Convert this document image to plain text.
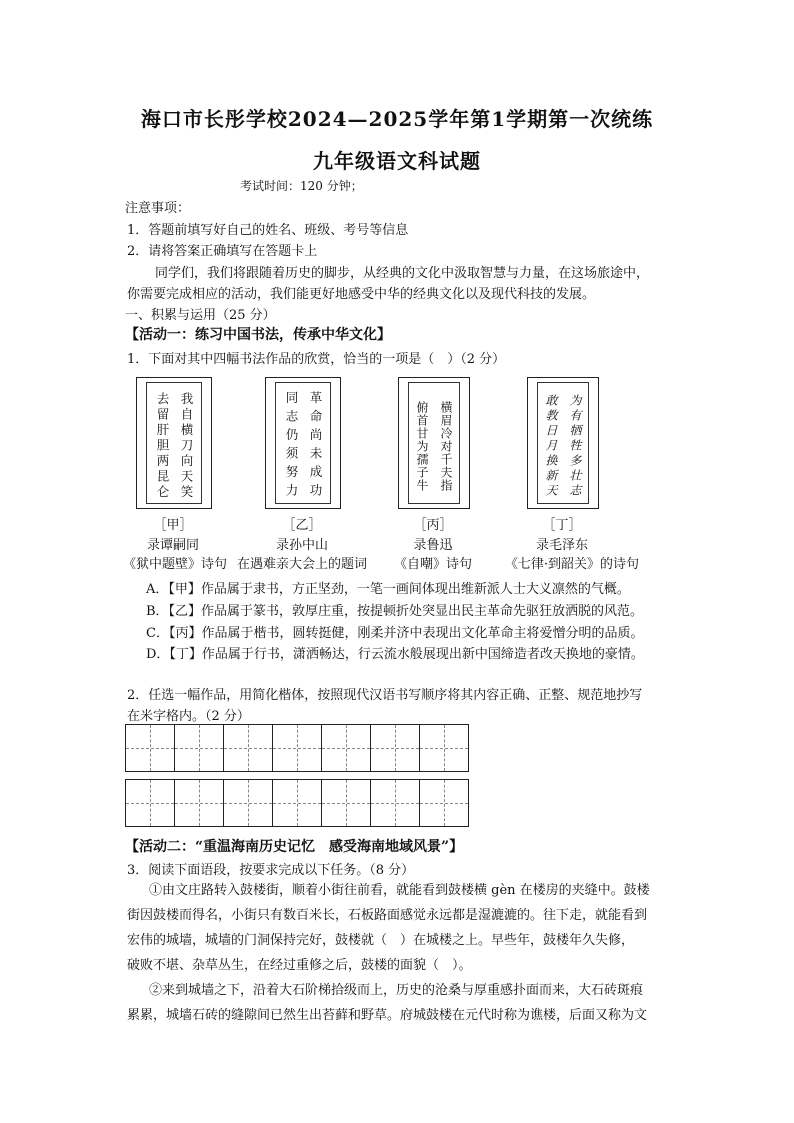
海口市长彤学校2024—2025学年第1学期第一次统练
九年级语文科试题
考试时间：120 分钟；
注意事项：
1．答题前填写好自己的姓名、班级、考号等信息
2．请将答案正确填写在答题卡上
同学们，我们将跟随着历史的脚步，从经典的文化中汲取智慧与力量，在这场旅途中，
你需要完成相应的活动，我们能更好地感受中华的经典文化以及现代科技的发展。
一、积累与运用（25 分）
【活动一：练习中国书法，传承中华文化】
1．下面对其中四幅书法作品的欣赏，恰当的一项是（　）（2 分）
我自横刀向天笑
去留肝胆两昆仑	革命尚未成功
同志仍须努力	横眉冷对千夫指
俯首甘为孺子牛	为有牺牲多壮志
敢教日月换新天
［甲］	［乙］	［丙］	［丁］
录谭嗣同	录孙中山	录鲁迅	录毛泽东
《狱中题壁》诗句 在遇难亲大会上的题词	《自嘲》诗句	《七律·到韶关》的诗句
A．【甲】作品属于隶书，方正坚劲，一笔一画间体现出维新派人士大义凛然的气概。
B．【乙】作品属于篆书，敦厚庄重，按提顿折处突显出民主革命先驱狂放洒脱的风范。
C．【丙】作品属于楷书，圆转挺健，刚柔并济中表现出文化革命主将爱憎分明的品质。
D．【丁】作品属于行书，潇洒畅达，行云流水般展现出新中国缔造者改天换地的豪情。
2．任选一幅作品，用简化楷体，按照现代汉语书写顺序将其内容正确、正整、规范地抄写
在米字格内。（2 分）
【活动二：“重温海南历史记忆　感受海南地域风景”】
3．阅读下面语段，按要求完成以下任务。（8 分）
①由文庄路转入鼓楼街，顺着小街往前看，就能看到鼓楼横 gèn 在楼房的夹缝中。鼓楼
街因鼓楼而得名，小街只有数百米长，石板路面感觉永远都是湿漉漉的。往下走，就能看到
宏伟的城墙，城墙的门洞保持完好，鼓楼就（　）在城楼之上。早些年，鼓楼年久失修，
破败不堪、杂草丛生，在经过重修之后，鼓楼的面貌（　）。
②来到城墙之下，沿着大石阶梯拾级而上，历史的沧桑与厚重感扑面而来，大石砖斑痕
累累，城墙石砖的缝隙间已然生出苔藓和野草。府城鼓楼在元代时称为谯楼，后面又称为文
